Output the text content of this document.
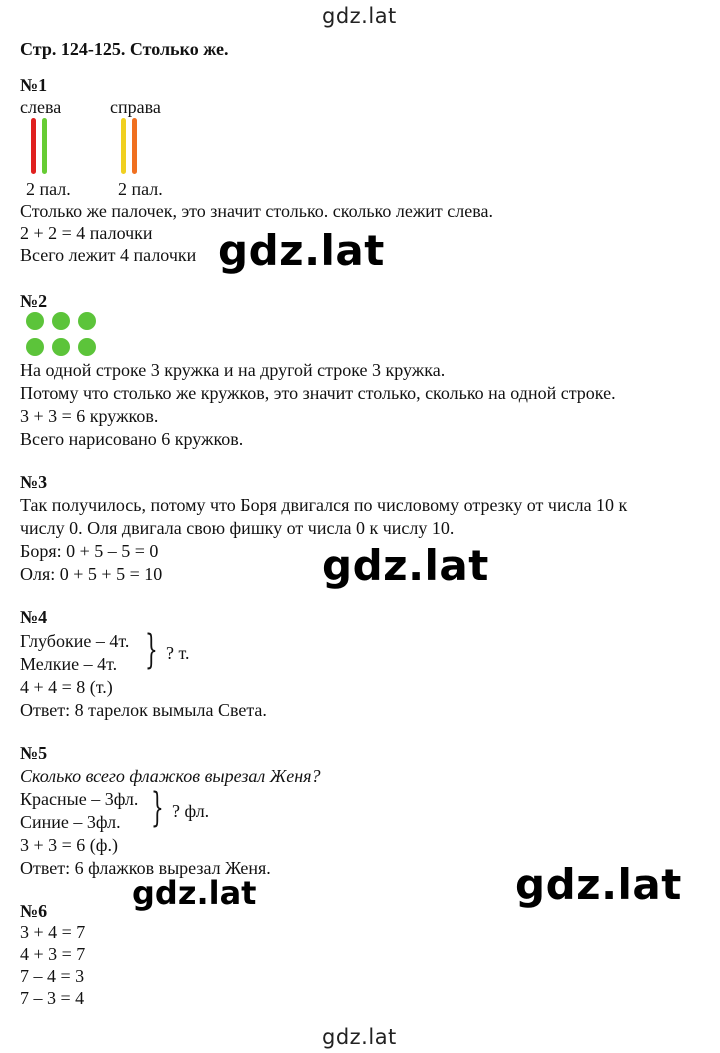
gdz.lat
gdz.lat
Стр. 124-125. Столько же.
№1
слева	справа
2 пал.	2 пал.
Столько же палочек, это значит столько. сколько лежит слева.
2 + 2 = 4 палочки
Всего лежит 4 палочки gdz.lat
№2
На одной строке 3 кружка и на другой строке 3 кружка.
Потому что столько же кружков, это значит столько, сколько на одной строке.
3 + 3 = 6 кружков.
Всего нарисовано 6 кружков.
№3
Так получилось, потому что Боря двигался по числовому отрезку от числа 10 к
числу 0. Оля двигала свою фишку от числа 0 к числу 10.
Боря: 0 + 5 – 5 = 0
Оля: 0 + 5 + 5 = 10	gdz.lat
№4
Глубокие – 4т.
Мелкие – 4т. } ? т.
4 + 4 = 8 (т.)
Ответ: 8 тарелок вымыла Света.
№5
Сколько всего флажков вырезал Женя?
Красные – 3фл.
Синие – 3фл. } ? фл.
3 + 3 = 6 (ф.)
Ответ: 6 флажков вырезал Женя.
gdz.lat	gdz.lat
№6
3 + 4 = 7
4 + 3 = 7
7 – 4 = 3
7 – 3 = 4
